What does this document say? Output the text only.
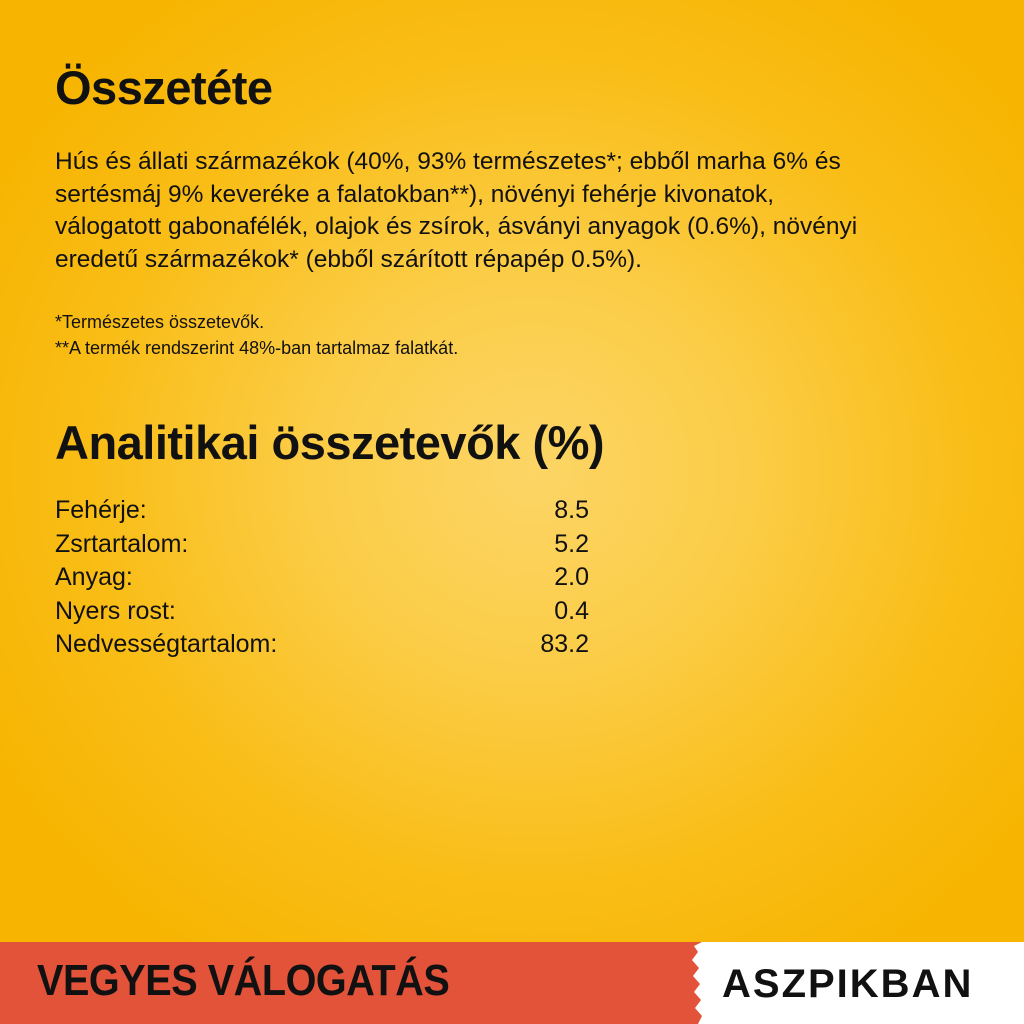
Összetéte
Hús és állati származékok (40%, 93% természetes*; ebből marha 6% és
sertésmáj 9% keveréke a falatokban**), növényi fehérje kivonatok,
válogatott gabonafélék, olajok és zsírok, ásványi anyagok (0.6%), növényi
eredetű származékok* (ebből szárított répapép 0.5%).
*Természetes összetevők.
**A termék rendszerint 48%-ban tartalmaz falatkát.
Analitikai összetevők (%)
Fehérje:	8.5
Zsrtartalom:	5.2
Anyag:	2.0
Nyers rost:	0.4
Nedvességtartalom:	83.2
VEGYES VÁLOGATÁS	ASZPIKBAN
